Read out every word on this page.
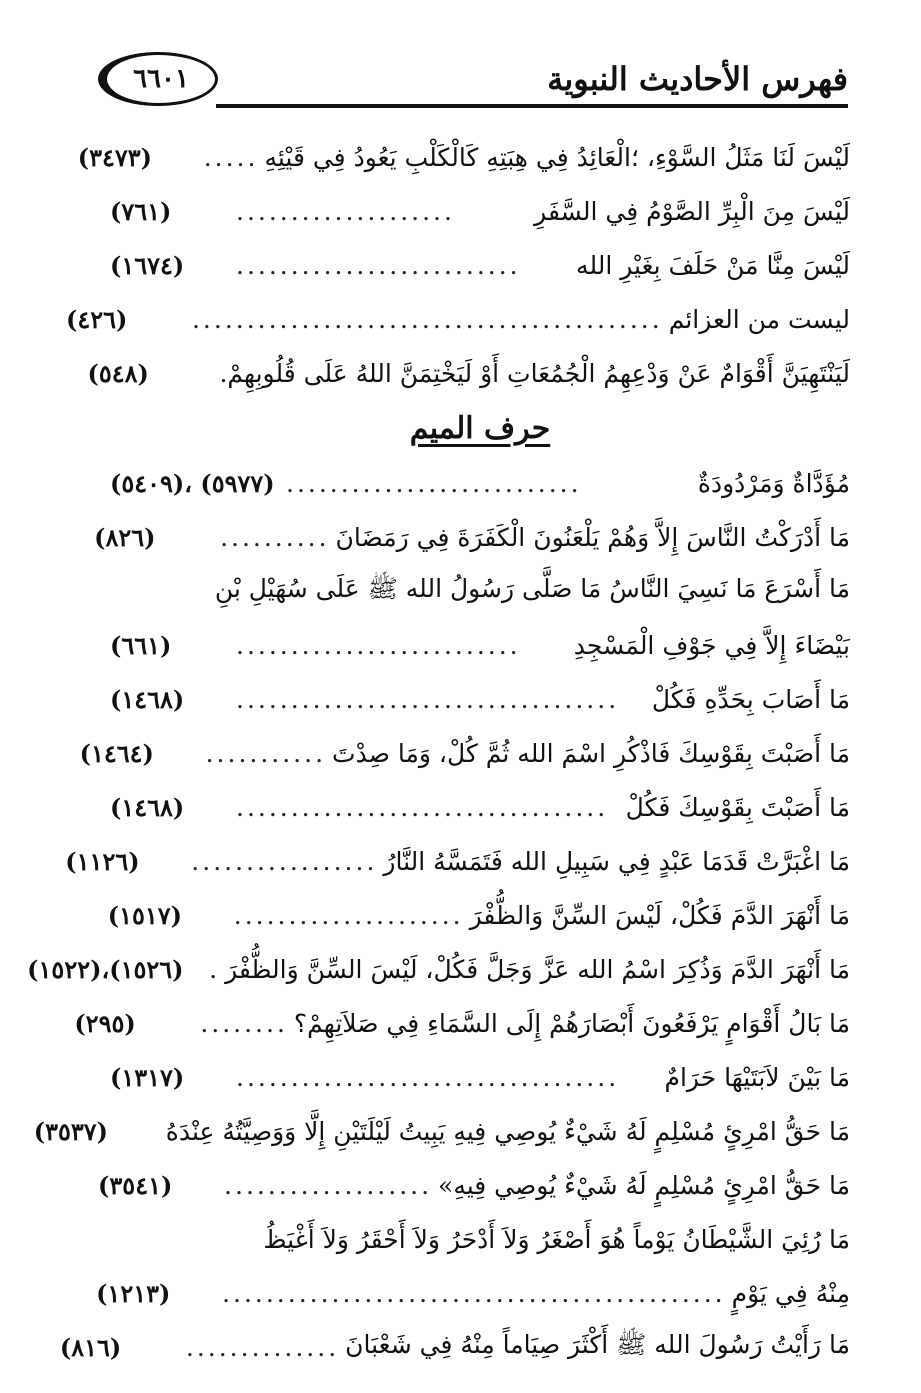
٦٦٠١	فهرس الأحاديث النبوية
لَيْسَ لَنَا مَثَلُ السَّوْءِ، ؛الْعَائِدُ فِي هِبَتِهِ كَالْكَلْبِ يَعُودُ فِي قَيْئِهِ
.....
(٣٤٧٣)
لَيْسَ مِنَ الْبِرِّ الصَّوْمُ فِي السَّفَرِ
....................
(٧٦١)
لَيْسَ مِنَّا مَنْ حَلَفَ بِغَيْرِ الله
..........................
(١٦٧٤)
ليست من العزائم
...........................................
(٤٢٦)
لَيَنْتَهِيَنَّ أَقْوَامٌ عَنْ وَدْعِهِمُ الْجُمُعَاتِ أَوْ لَيَخْتِمَنَّ اللهُ عَلَى قُلُوبِهِمْ.
(٥٤٨)
حرف الميم
مُؤَدَّاةٌ وَمَرْدُودَةٌ
...........................
(٥٤٠٩)، (٥٩٧٧)
مَا أَدْرَكْتُ النَّاسَ إِلاَّ وَهُمْ يَلْعَنُونَ الْكَفَرَةَ فِي رَمَضَانَ
..........
(٨٢٦)
مَا أَسْرَعَ مَا نَسِيَ النَّاسُ مَا صَلَّى رَسُولُ الله ﷺ عَلَى سُهَيْلِ بْنِ
بَيْضَاءَ إِلاَّ فِي جَوْفِ الْمَسْجِدِ
..........................
(٦٦١)
مَا أَصَابَ بِحَدِّهِ فَكُلْ
...................................
(١٤٦٨)
مَا أَصَبْتَ بِقَوْسِكَ فَاذْكُرِ اسْمَ الله ثُمَّ كُلْ، وَمَا صِدْتَ
...........
(١٤٦٤)
مَا أَصَبْتَ بِقَوْسِكَ فَكُلْ
..................................
(١٤٦٨)
مَا اغْبَرَّتْ قَدَمَا عَبْدٍ فِي سَبِيلِ الله فَتَمَسَّهُ النَّارُ
.................
(١١٢٦)
مَا أَنْهَرَ الدَّمَ فَكُلْ، لَيْسَ السِّنَّ وَالظُّفْرَ
.....................
(١٥١٧)
مَا أَنْهَرَ الدَّمَ وَذُكِرَ اسْمُ الله عَزَّ وَجَلَّ فَكُلْ، لَيْسَ السِّنَّ وَالظُّفْرَ .
(١٥٢٢)،(١٥٢٦)
مَا بَالُ أَقْوَامٍ يَرْفَعُونَ أَبْصَارَهُمْ إِلَى السَّمَاءِ فِي صَلاَتِهِمْ؟
........
(٢٩٥)
مَا بَيْنَ لاَبَتَيْهَا حَرَامٌ
...................................
(١٣١٧)
مَا حَقُّ امْرِئٍ مُسْلِمٍ لَهُ شَيْءٌ يُوصِي فِيهِ يَبِيتُ لَيْلَتَيْنِ إِلَّا وَوَصِيَّتُهُ عِنْدَهُ
(٣٥٣٧)
مَا حَقُّ امْرِئٍ مُسْلِمٍ لَهُ شَيْءٌ يُوصِي فِيهِ»
...................
(٣٥٤١)
مَا رُئِيَ الشَّيْطَانُ يَوْماً هُوَ أَصْغَرُ وَلاَ أَدْحَرُ وَلاَ أَحْقَرُ وَلاَ أَغْيَظُ
مِنْهُ فِي يَوْمٍ
..............................................
(١٢١٣)
مَا رَأَيْتُ رَسُولَ الله ﷺ أَكْثَرَ صِيَاماً مِنْهُ فِي شَعْبَانَ
..............
(٨١٦)
